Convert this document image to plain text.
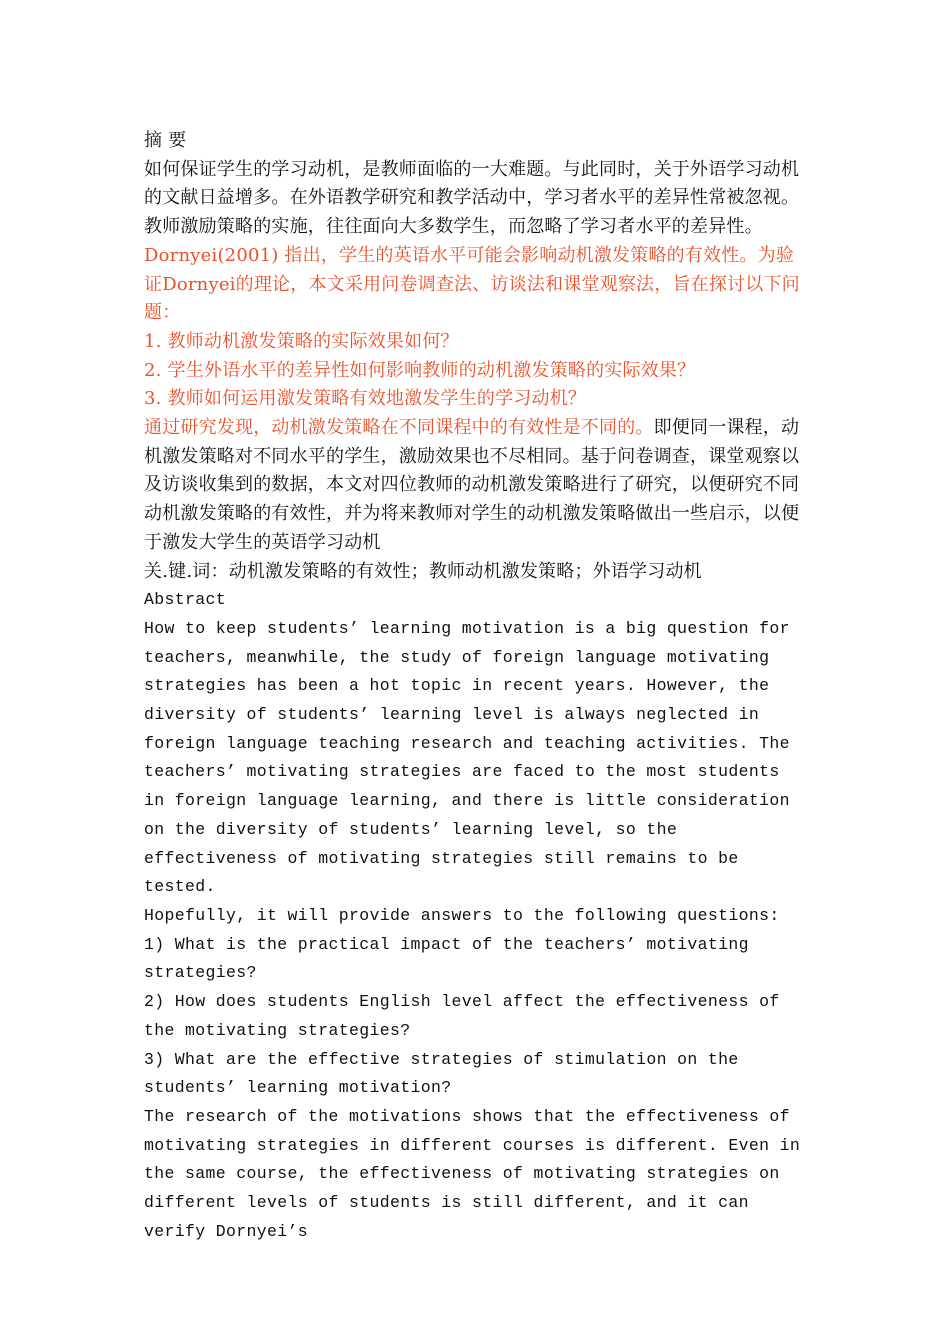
摘 要

如何保证学生的学习动机，是教师面临的一大难题。与此同时，关于外语学习动机的文献日益增多。在外语教学研究和教学活动中，学习者水平的差异性常被忽视。教师激励策略的实施，往往面向大多数学生，而忽略了学习者水平的差异性。

Dornyei(2001) 指出，学生的英语水平可能会影响动机激发策略的有效性。为验证Dornyei的理论，本文采用问卷调查法、访谈法和课堂观察法，旨在探讨以下问题：

1. 教师动机激发策略的实际效果如何？

2. 学生外语水平的差异性如何影响教师的动机激发策略的实际效果？

3. 教师如何运用激发策略有效地激发学生的学习动机？

通过研究发现，动机激发策略在不同课程中的有效性是不同的。即便同一课程，动机激发策略对不同水平的学生，激励效果也不尽相同。基于问卷调查，课堂观察以及访谈收集到的数据，本文对四位教师的动机激发策略进行了研究，以便研究不同动机激发策略的有效性，并为将来教师对学生的动机激发策略做出一些启示，以便于激发大学生的英语学习动机

关.键.词：动机激发策略的有效性；教师动机激发策略；外语学习动机

Abstract

How to keep students’ learning motivation is a big question for teachers, meanwhile, the study of foreign language motivating strategies has been a hot topic in recent years. However, the diversity of students’ learning level is always neglected in foreign language teaching research and teaching activities. The teachers’ motivating strategies are faced to the most students in foreign language learning, and there is little consideration on the diversity of students’ learning level, so the effectiveness of motivating strategies still remains to be tested.

Hopefully, it will provide answers to the following questions:

1) What is the practical impact of the teachers’ motivating strategies?

2) How does students English level affect the effectiveness of the motivating strategies?

3) What are the effective strategies of stimulation on the students’ learning motivation?

The research of the motivations shows that the effectiveness of motivating strategies in different courses is different. Even in the same course, the effectiveness of motivating strategies on different levels of students is still different, and it can verify Dornyei’s
